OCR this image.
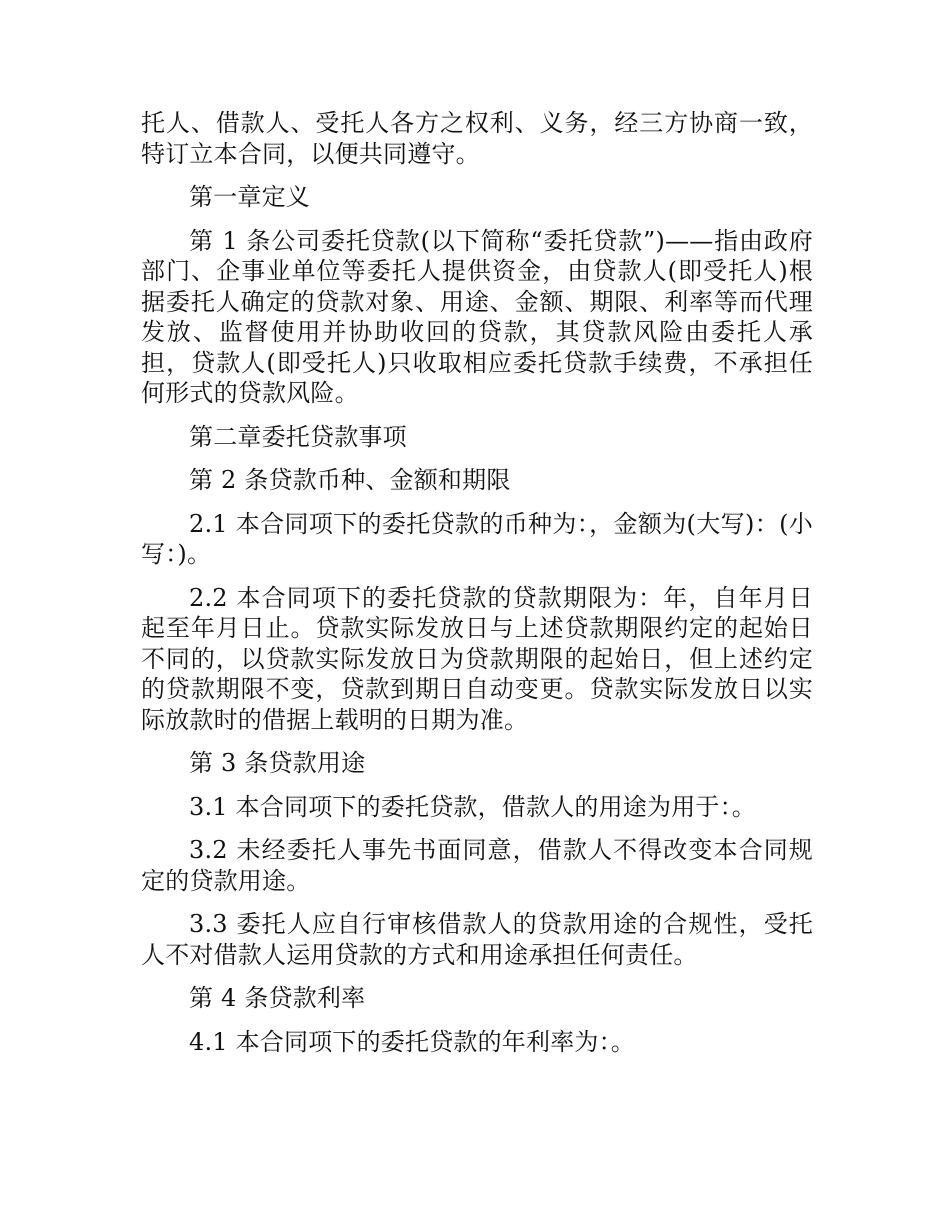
托人、借款人、受托人各方之权利、义务，经三方协商一致，特订立本合同，以便共同遵守。

第一章定义

第 1 条公司委托贷款(以下简称“委托贷款”)——指由政府部门、企事业单位等委托人提供资金，由贷款人(即受托人)根据委托人确定的贷款对象、用途、金额、期限、利率等而代理发放、监督使用并协助收回的贷款，其贷款风险由委托人承担，贷款人(即受托人)只收取相应委托贷款手续费，不承担任何形式的贷款风险。

第二章委托贷款事项

第 2 条贷款币种、金额和期限

2.1 本合同项下的委托贷款的币种为：，金额为(大写)：(小写：)。

2.2 本合同项下的委托贷款的贷款期限为：年，自年月日起至年月日止。贷款实际发放日与上述贷款期限约定的起始日不同的，以贷款实际发放日为贷款期限的起始日，但上述约定的贷款期限不变，贷款到期日自动变更。贷款实际发放日以实际放款时的借据上载明的日期为准。

第 3 条贷款用途

3.1 本合同项下的委托贷款，借款人的用途为用于：。

3.2 未经委托人事先书面同意，借款人不得改变本合同规定的贷款用途。

3.3 委托人应自行审核借款人的贷款用途的合规性，受托人不对借款人运用贷款的方式和用途承担任何责任。

第 4 条贷款利率

4.1 本合同项下的委托贷款的年利率为：。
